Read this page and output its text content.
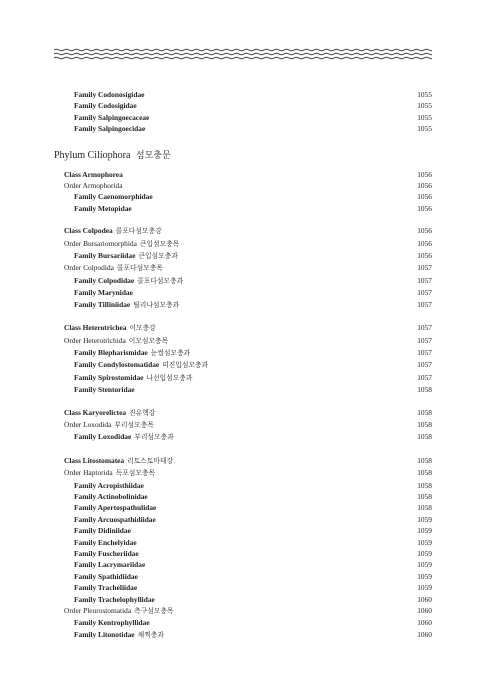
Family Codonosigidae	1055
Family Codosigidae	1055
Family Salpingoecaceae	1055
Family Salpingoecidae	1055
Phylum Ciliophora 섬모충문
Class Armophorea	1056
Order Armophorida	1056
Family Caenomorphidae	1056
Family Metopidae	1056
Class Colpodea 콜포다섬모충강	1056
Order Bursariomorphida 큰입섬모충목	1056
Family Bursariidae 큰입섬모충과	1056
Order Colpodida 콜포다섬모충목	1057
Family Colpodidae 콜포다섬모충과	1057
Family Marynidae	1057
Family Tilliniidae 틸리나섬모충과	1057
Class Heterotrichea 이모충강	1057
Order Heterotrichida 이모섬모충목	1057
Family Blepharismidae 눈썹섬모충과	1057
Family Condylostomatidae 띠진입섬모충과	1057
Family Spirostomidae 나선입섬모충과	1057
Family Stentoridae	1058
Class Karyorelictea 진유핵강	1058
Order Loxodida 부리섬모충목	1058
Family Loxodidae 부리섬모충과	1058
Class Litostomatea 리토스토마테강	1058
Order Haptorida 독포섬모충목	1058
Family Acropisthiidae	1058
Family Actinobolinidae	1058
Family Apertospathulidae	1058
Family Arcuospathidiidae	1059
Family Didiniidae	1059
Family Enchelyidae	1059
Family Fuscheriidae	1059
Family Lacrymariidae	1059
Family Spathidiidae	1059
Family Tracheliidae	1059
Family Trachelophyllidae	1060
Order Pleurostomatida 측구섬모충목	1060
Family Kentrophyllidae	1060
Family Litonotidae 채찍충과	1060
